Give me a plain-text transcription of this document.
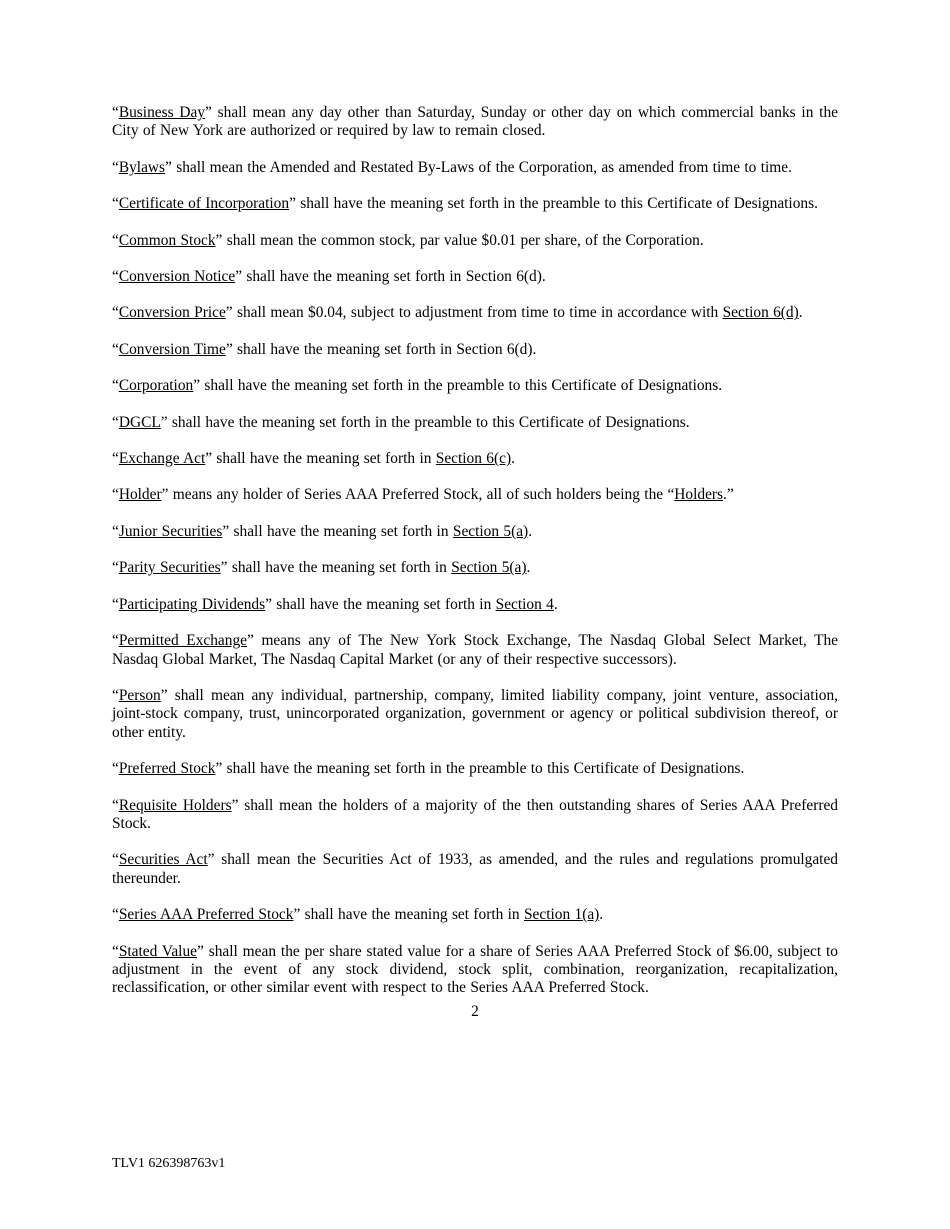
“Business Day” shall mean any day other than Saturday, Sunday or other day on which commercial banks in the City of New York are authorized or required by law to remain closed.

“Bylaws” shall mean the Amended and Restated By-Laws of the Corporation, as amended from time to time.

“Certificate of Incorporation” shall have the meaning set forth in the preamble to this Certificate of Designations.

“Common Stock” shall mean the common stock, par value $0.01 per share, of the Corporation.

“Conversion Notice” shall have the meaning set forth in Section 6(d).

“Conversion Price” shall mean $0.04, subject to adjustment from time to time in accordance with Section 6(d).

“Conversion Time” shall have the meaning set forth in Section 6(d).

“Corporation” shall have the meaning set forth in the preamble to this Certificate of Designations.

“DGCL” shall have the meaning set forth in the preamble to this Certificate of Designations.

“Exchange Act” shall have the meaning set forth in Section 6(c).

“Holder” means any holder of Series AAA Preferred Stock, all of such holders being the “Holders.”

“Junior Securities” shall have the meaning set forth in Section 5(a).

“Parity Securities” shall have the meaning set forth in Section 5(a).

“Participating Dividends” shall have the meaning set forth in Section 4.

“Permitted Exchange” means any of The New York Stock Exchange, The Nasdaq Global Select Market, The Nasdaq Global Market, The Nasdaq Capital Market (or any of their respective successors).

“Person” shall mean any individual, partnership, company, limited liability company, joint venture, association, joint-stock company, trust, unincorporated organization, government or agency or political subdivision thereof, or other entity.

“Preferred Stock” shall have the meaning set forth in the preamble to this Certificate of Designations.

“Requisite Holders” shall mean the holders of a majority of the then outstanding shares of Series AAA Preferred Stock.

“Securities Act” shall mean the Securities Act of 1933, as amended, and the rules and regulations promulgated thereunder.

“Series AAA Preferred Stock” shall have the meaning set forth in Section 1(a).

“Stated Value” shall mean the per share stated value for a share of Series AAA Preferred Stock of $6.00, subject to adjustment in the event of any stock dividend, stock split, combination, reorganization, recapitalization, reclassification, or other similar event with respect to the Series AAA Preferred Stock.

2
TLV1 626398763v1
